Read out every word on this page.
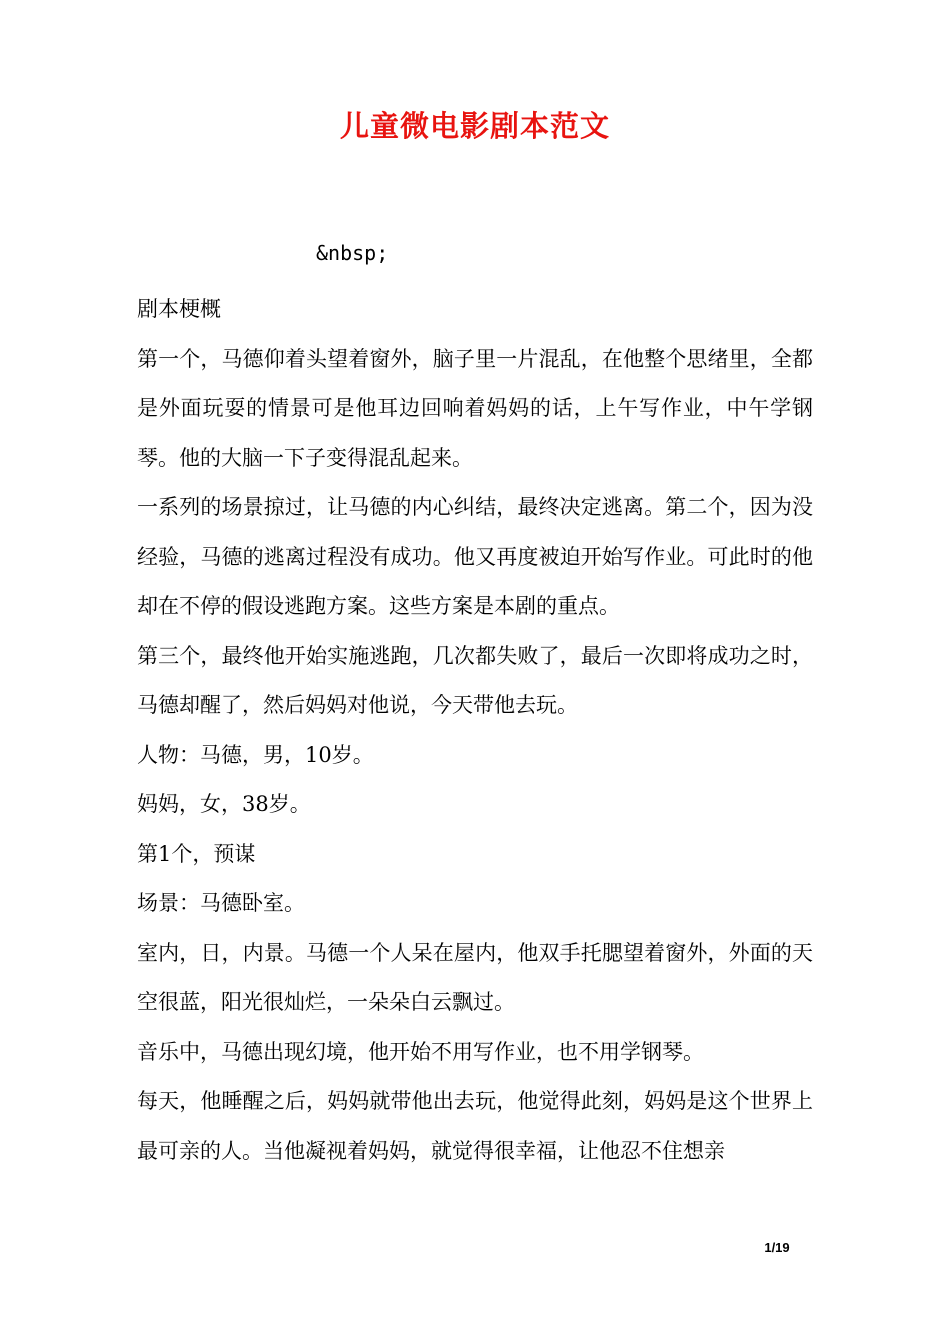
儿童微电影剧本范文
&nbsp;

剧本梗概

第一个，马德仰着头望着窗外，脑子里一片混乱，在他整个思绪里，全都是外面玩耍的情景可是他耳边回响着妈妈的话，上午写作业，中午学钢琴。他的大脑一下子变得混乱起来。

一系列的场景掠过，让马德的内心纠结，最终决定逃离。第二个，因为没经验，马德的逃离过程没有成功。他又再度被迫开始写作业。可此时的他却在不停的假设逃跑方案。这些方案是本剧的重点。

第三个，最终他开始实施逃跑，几次都失败了，最后一次即将成功之时，马德却醒了，然后妈妈对他说，今天带他去玩。

人物：马德，男，10岁。

妈妈，女，38岁。

第1个，预谋

场景：马德卧室。

室内，日，内景。马德一个人呆在屋内，他双手托腮望着窗外，外面的天空很蓝，阳光很灿烂，一朵朵白云飘过。

音乐中，马德出现幻境，他开始不用写作业，也不用学钢琴。

每天，他睡醒之后，妈妈就带他出去玩，他觉得此刻，妈妈是这个世界上最可亲的人。当他凝视着妈妈，就觉得很幸福，让他忍不住想亲

1/19
